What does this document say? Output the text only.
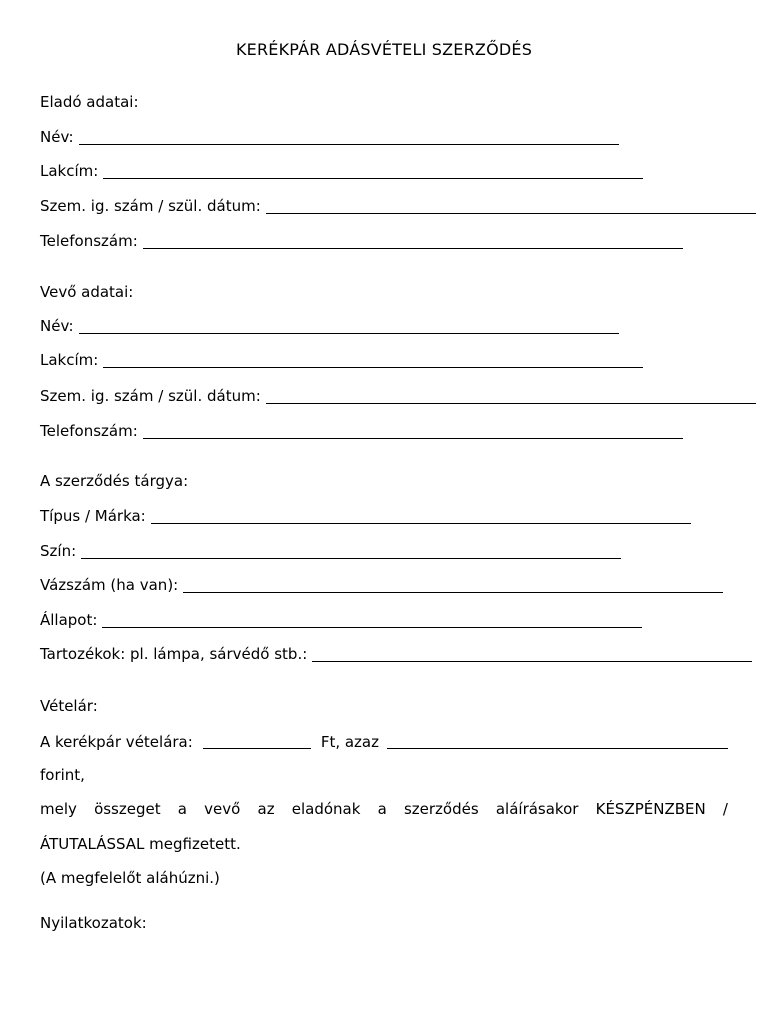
KERÉKPÁR ADÁSVÉTELI SZERZŐDÉS
Eladó adatai:
Név:
Lakcím:
Szem. ig. szám / szül. dátum:
Telefonszám:
Vevő adatai:
Név:
Lakcím:
Szem. ig. szám / szül. dátum:
Telefonszám:
A szerződés tárgya:
Típus / Márka:
Szín:
Vázszám (ha van):
Állapot:
Tartozékok: pl. lámpa, sárvédő stb.:
Vételár:
A kerékpár vételára:	Ft, azaz
forint,
mely összeget a vevő az eladónak a szerződés aláírásakor KÉSZPÉNZBEN /
ÁTUTALÁSSAL megfizetett.
(A megfelelőt aláhúzni.)
Nyilatkozatok:
